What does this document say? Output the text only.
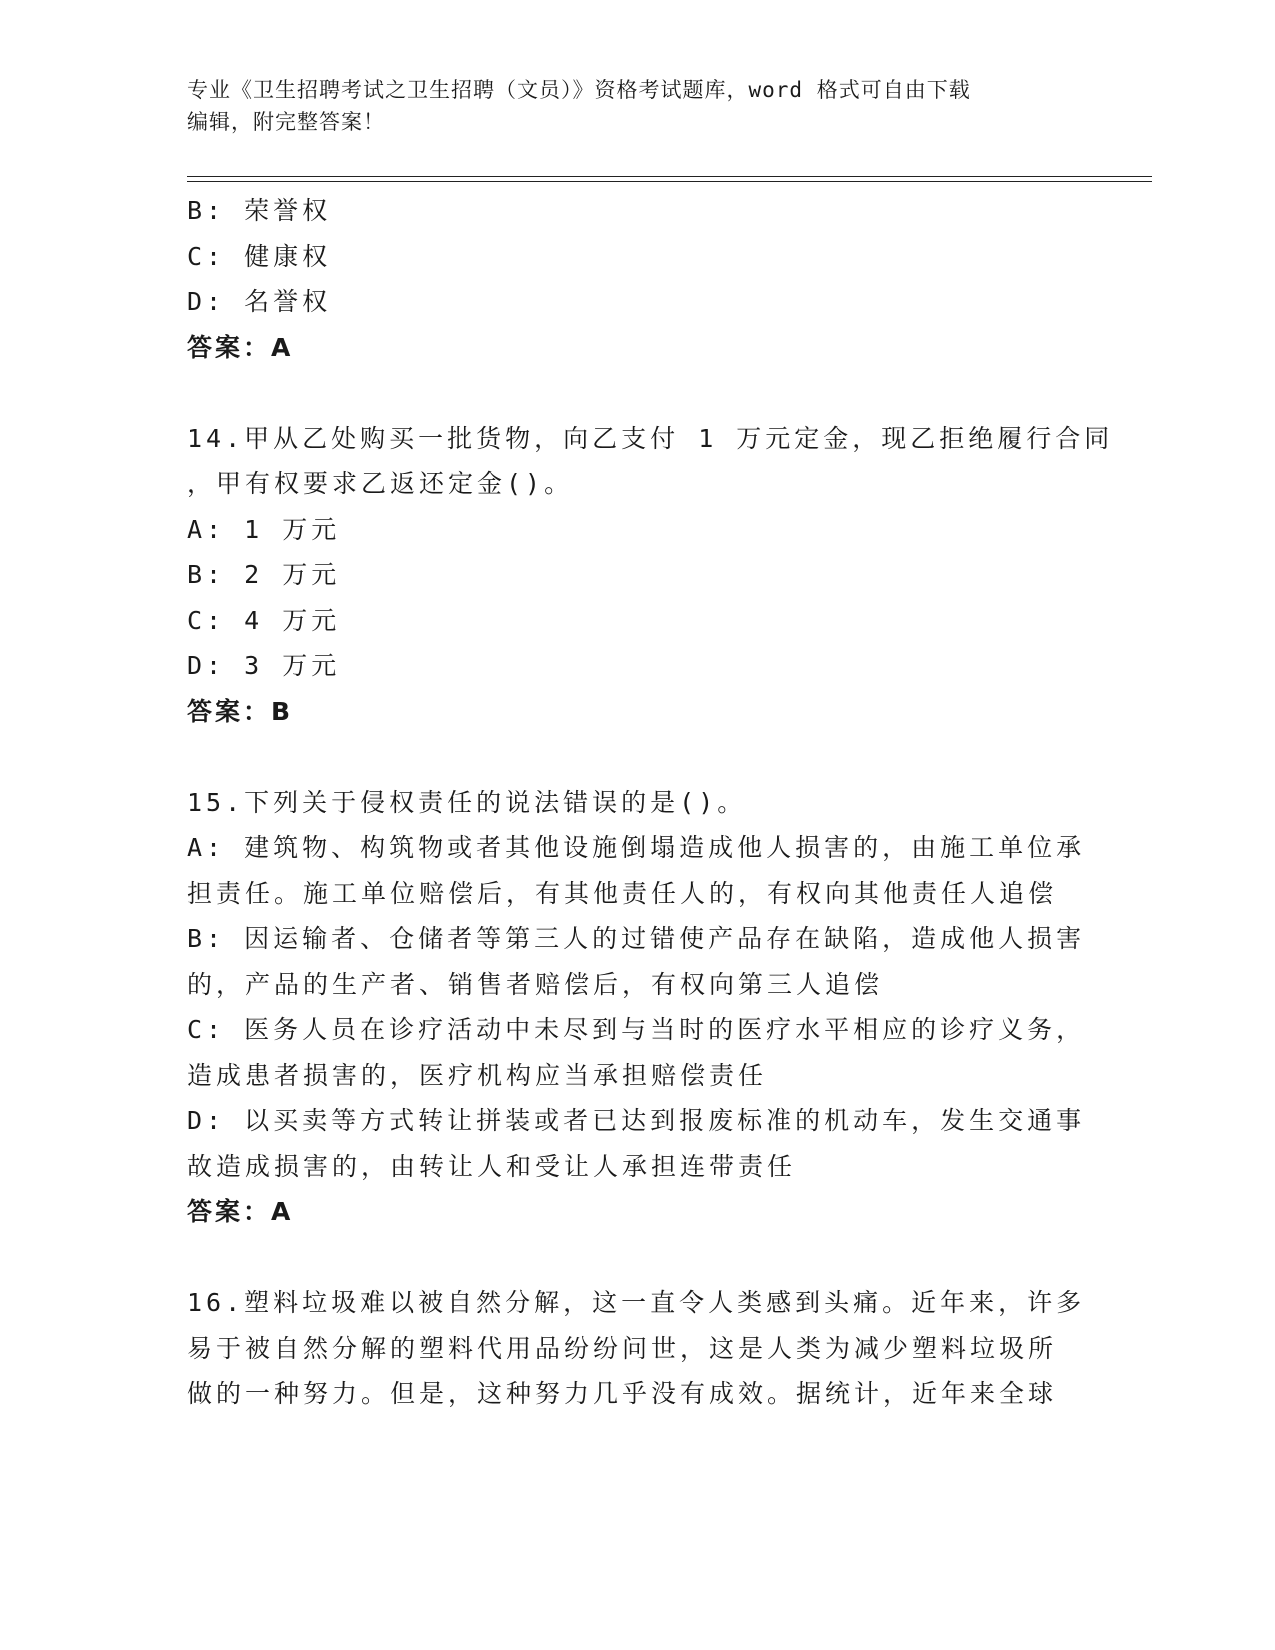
专业《卫生招聘考试之卫生招聘（文员）》资格考试题库，word 格式可自由下载
编辑，附完整答案！
B: 荣誉权
C: 健康权
D: 名誉权
答案：A
14.甲从乙处购买一批货物，向乙支付 1 万元定金，现乙拒绝履行合同
，甲有权要求乙返还定金()。
A: 1 万元
B: 2 万元
C: 4 万元
D: 3 万元
答案：B
15.下列关于侵权责任的说法错误的是()。
A: 建筑物、构筑物或者其他设施倒塌造成他人损害的，由施工单位承
担责任。施工单位赔偿后，有其他责任人的，有权向其他责任人追偿
B: 因运输者、仓储者等第三人的过错使产品存在缺陷，造成他人损害
的，产品的生产者、销售者赔偿后，有权向第三人追偿
C: 医务人员在诊疗活动中未尽到与当时的医疗水平相应的诊疗义务，
造成患者损害的，医疗机构应当承担赔偿责任
D: 以买卖等方式转让拼装或者已达到报废标准的机动车，发生交通事
故造成损害的，由转让人和受让人承担连带责任
答案：A
16.塑料垃圾难以被自然分解，这一直令人类感到头痛。近年来，许多
易于被自然分解的塑料代用品纷纷问世，这是人类为减少塑料垃圾所
做的一种努力。但是，这种努力几乎没有成效。据统计，近年来全球
